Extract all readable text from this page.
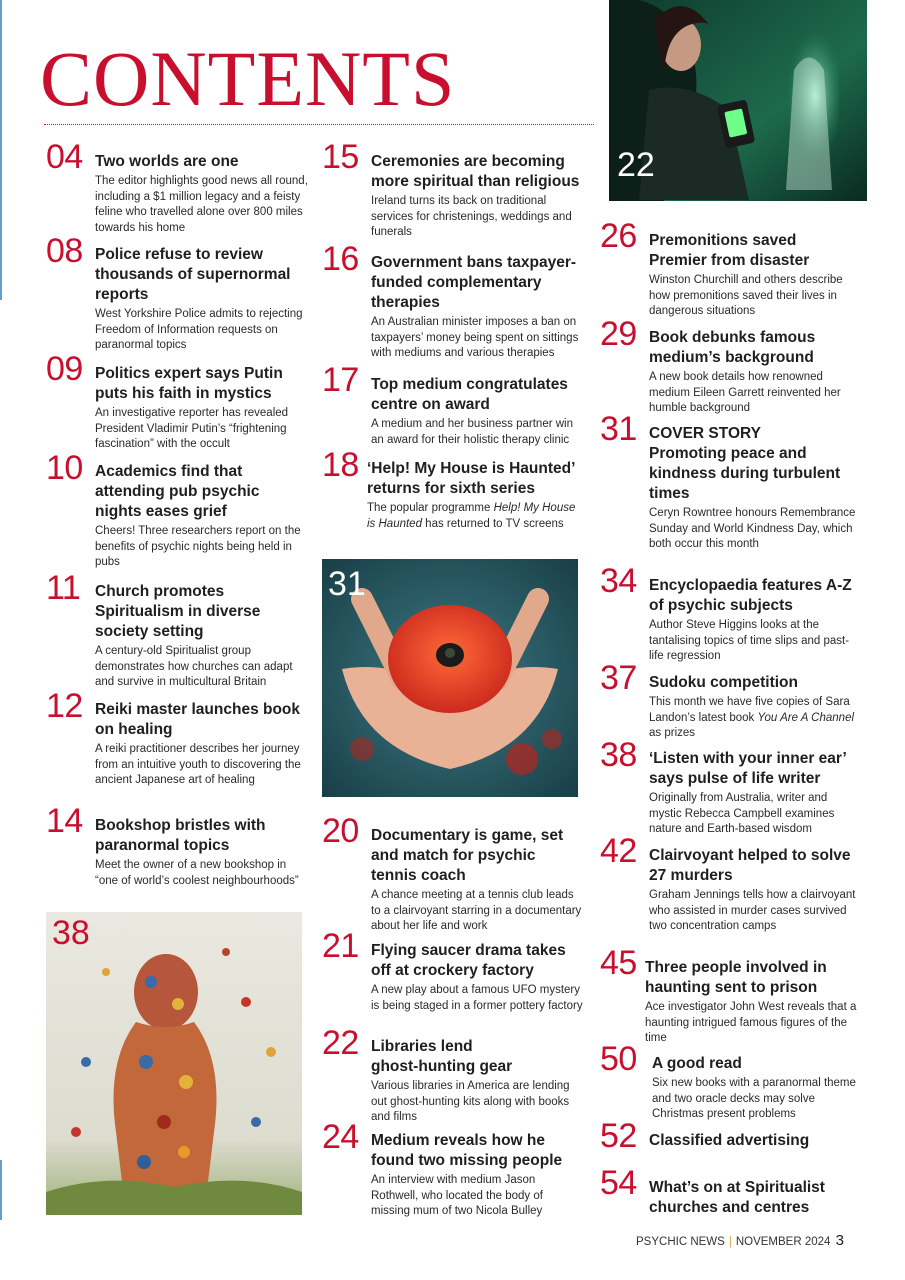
CONTENTS
22
31
38
04 Two worlds are one
The editor highlights good news all round, including a $1 million legacy and a feisty feline who travelled alone over 800 miles towards his home
08 Police refuse to review thousands of supernormal reports
West Yorkshire Police admits to rejecting Freedom of Information requests on paranormal topics
09 Politics expert says Putin puts his faith in mystics
An investigative reporter has revealed President Vladimir Putin’s “frightening fascination” with the occult
10 Academics find that attending pub psychic nights eases grief
Cheers! Three researchers report on the benefits of psychic nights being held in pubs
11 Church promotes Spiritualism in diverse society setting
A century-old Spiritualist group demonstrates how churches can adapt and survive in multicultural Britain
12 Reiki master launches book on healing
A reiki practitioner describes her journey from an intuitive youth to discovering the ancient Japanese art of healing
14 Bookshop bristles with paranormal topics
Meet the owner of a new bookshop in “one of world’s coolest neighbourhoods”
15 Ceremonies are becoming more spiritual than religious
Ireland turns its back on traditional services for christenings, weddings and funerals
16 Government bans taxpayer-funded complementary therapies
An Australian minister imposes a ban on taxpayers’ money being spent on sittings with mediums and various therapies
17 Top medium congratulates centre on award
A medium and her business partner win an award for their holistic therapy clinic
18 ‘Help! My House is Haunted’ returns for sixth series
The popular programme Help! My House is Haunted has returned to TV screens
20 Documentary is game, set and match for psychic tennis coach
A chance meeting at a tennis club leads to a clairvoyant starring in a documentary about her life and work
21 Flying saucer drama takes off at crockery factory
A new play about a famous UFO mystery is being staged in a former pottery factory
22 Libraries lend ghost-hunting gear
Various libraries in America are lending out ghost-hunting kits along with books and films
24 Medium reveals how he found two missing people
An interview with medium Jason Rothwell, who located the body of missing mum of two Nicola Bulley
26 Premonitions saved Premier from disaster
Winston Churchill and others describe how premonitions saved their lives in dangerous situations
29 Book debunks famous medium’s background
A new book details how renowned medium Eileen Garrett reinvented her humble background
31 COVER STORY
Promoting peace and kindness during turbulent times
Ceryn Rowntree honours Remembrance Sunday and World Kindness Day, which both occur this month
34 Encyclopaedia features A-Z of psychic subjects
Author Steve Higgins looks at the tantalising topics of time slips and past-life regression
37 Sudoku competition
This month we have five copies of Sara Landon’s latest book You Are A Channel as prizes
38 ‘Listen with your inner ear’ says pulse of life writer
Originally from Australia, writer and mystic Rebecca Campbell examines nature and Earth-based wisdom
42 Clairvoyant helped to solve 27 murders
Graham Jennings tells how a clairvoyant who assisted in murder cases survived two concentration camps
45 Three people involved in haunting sent to prison
Ace investigator John West reveals that a haunting intrigued famous figures of the time
50 A good read
Six new books with a paranormal theme and two oracle decks may solve Christmas present problems
52 Classified advertising
54 What’s on at Spiritualist churches and centres
PSYCHIC NEWS | NOVEMBER 2024 3
